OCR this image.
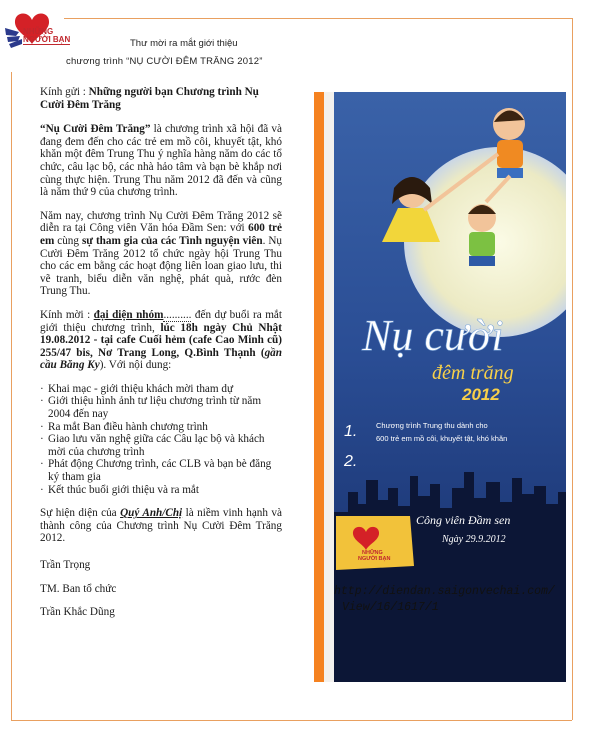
NHỮNG
NGƯỜI BẠN	Thư mời ra mắt giới thiệu
chương trình “NỤ CƯỜI ĐÊM TRĂNG 2012”

Kính gửi : Những người bạn Chương trình Nụ Cười Đêm Trăng

“Nụ Cười Đêm Trăng” là chương trình xã hội đã và đang đem đến cho các trẻ em mồ côi, khuyết tật, khó khăn một đêm Trung Thu ý nghĩa hàng năm do các tổ chức, câu lạc bộ, các nhà hảo tâm và bạn bè khắp nơi cùng thực hiện. Trung Thu năm 2012 đã đến và cũng là năm thứ 9 của chương trình.

Năm nay, chương trình Nụ Cười Đêm Trăng 2012 sẽ diễn ra tại Công viên Văn hóa Đầm Sen: với 600 trẻ em cùng sự tham gia của các Tình nguyện viên. Nụ Cười Đêm Trăng 2012 tổ chức ngày hội Trung Thu cho các em bằng các hoạt động liên loan giao lưu, thi vẽ tranh, biểu diễn văn nghệ, phát quà, rước đèn Trung Thu.

Kính mời : đại diện nhóm.......... đến dự buổi ra mắt giới thiệu chương trình, lúc 18h ngày Chủ Nhật 19.08.2012 - tại cafe Cuối hẻm (cafe Cao Minh cũ) 255/47 bis, Nơ Trang Long, Q.Bình Thạnh (gần cầu Băng Ky). Với nội dung:

· Khai mạc - giới thiệu khách mời tham dự
· Giới thiệu hình ảnh tư liệu chương trình từ năm 2004 đến nay
· Ra mắt Ban điều hành chương trình
· Giao lưu văn nghệ giữa các Câu lạc bộ và khách mời của chương trình
· Phát động Chương trình, các CLB và bạn bè đăng ký tham gia
· Kết thúc buổi giới thiệu và ra mắt

Sự hiện diện của Quý Anh/Chị là niềm vinh hạnh và thành công của Chương trình Nụ Cười Đêm Trăng 2012.

Trần Trọng

TM. Ban tổ chức

Trần Khắc Dũng

Nụ cười
đêm trăng
2012
1. Chương trình Trung thu dành cho
600 trẻ em mồ côi, khuyết tật, khó khăn
2.
Công viên Đầm sen
Ngày 29.9.2012
NHỮNG
NGƯỜI BẠN
http://diendan.saigonvechai.com/
View/16/1617/1
